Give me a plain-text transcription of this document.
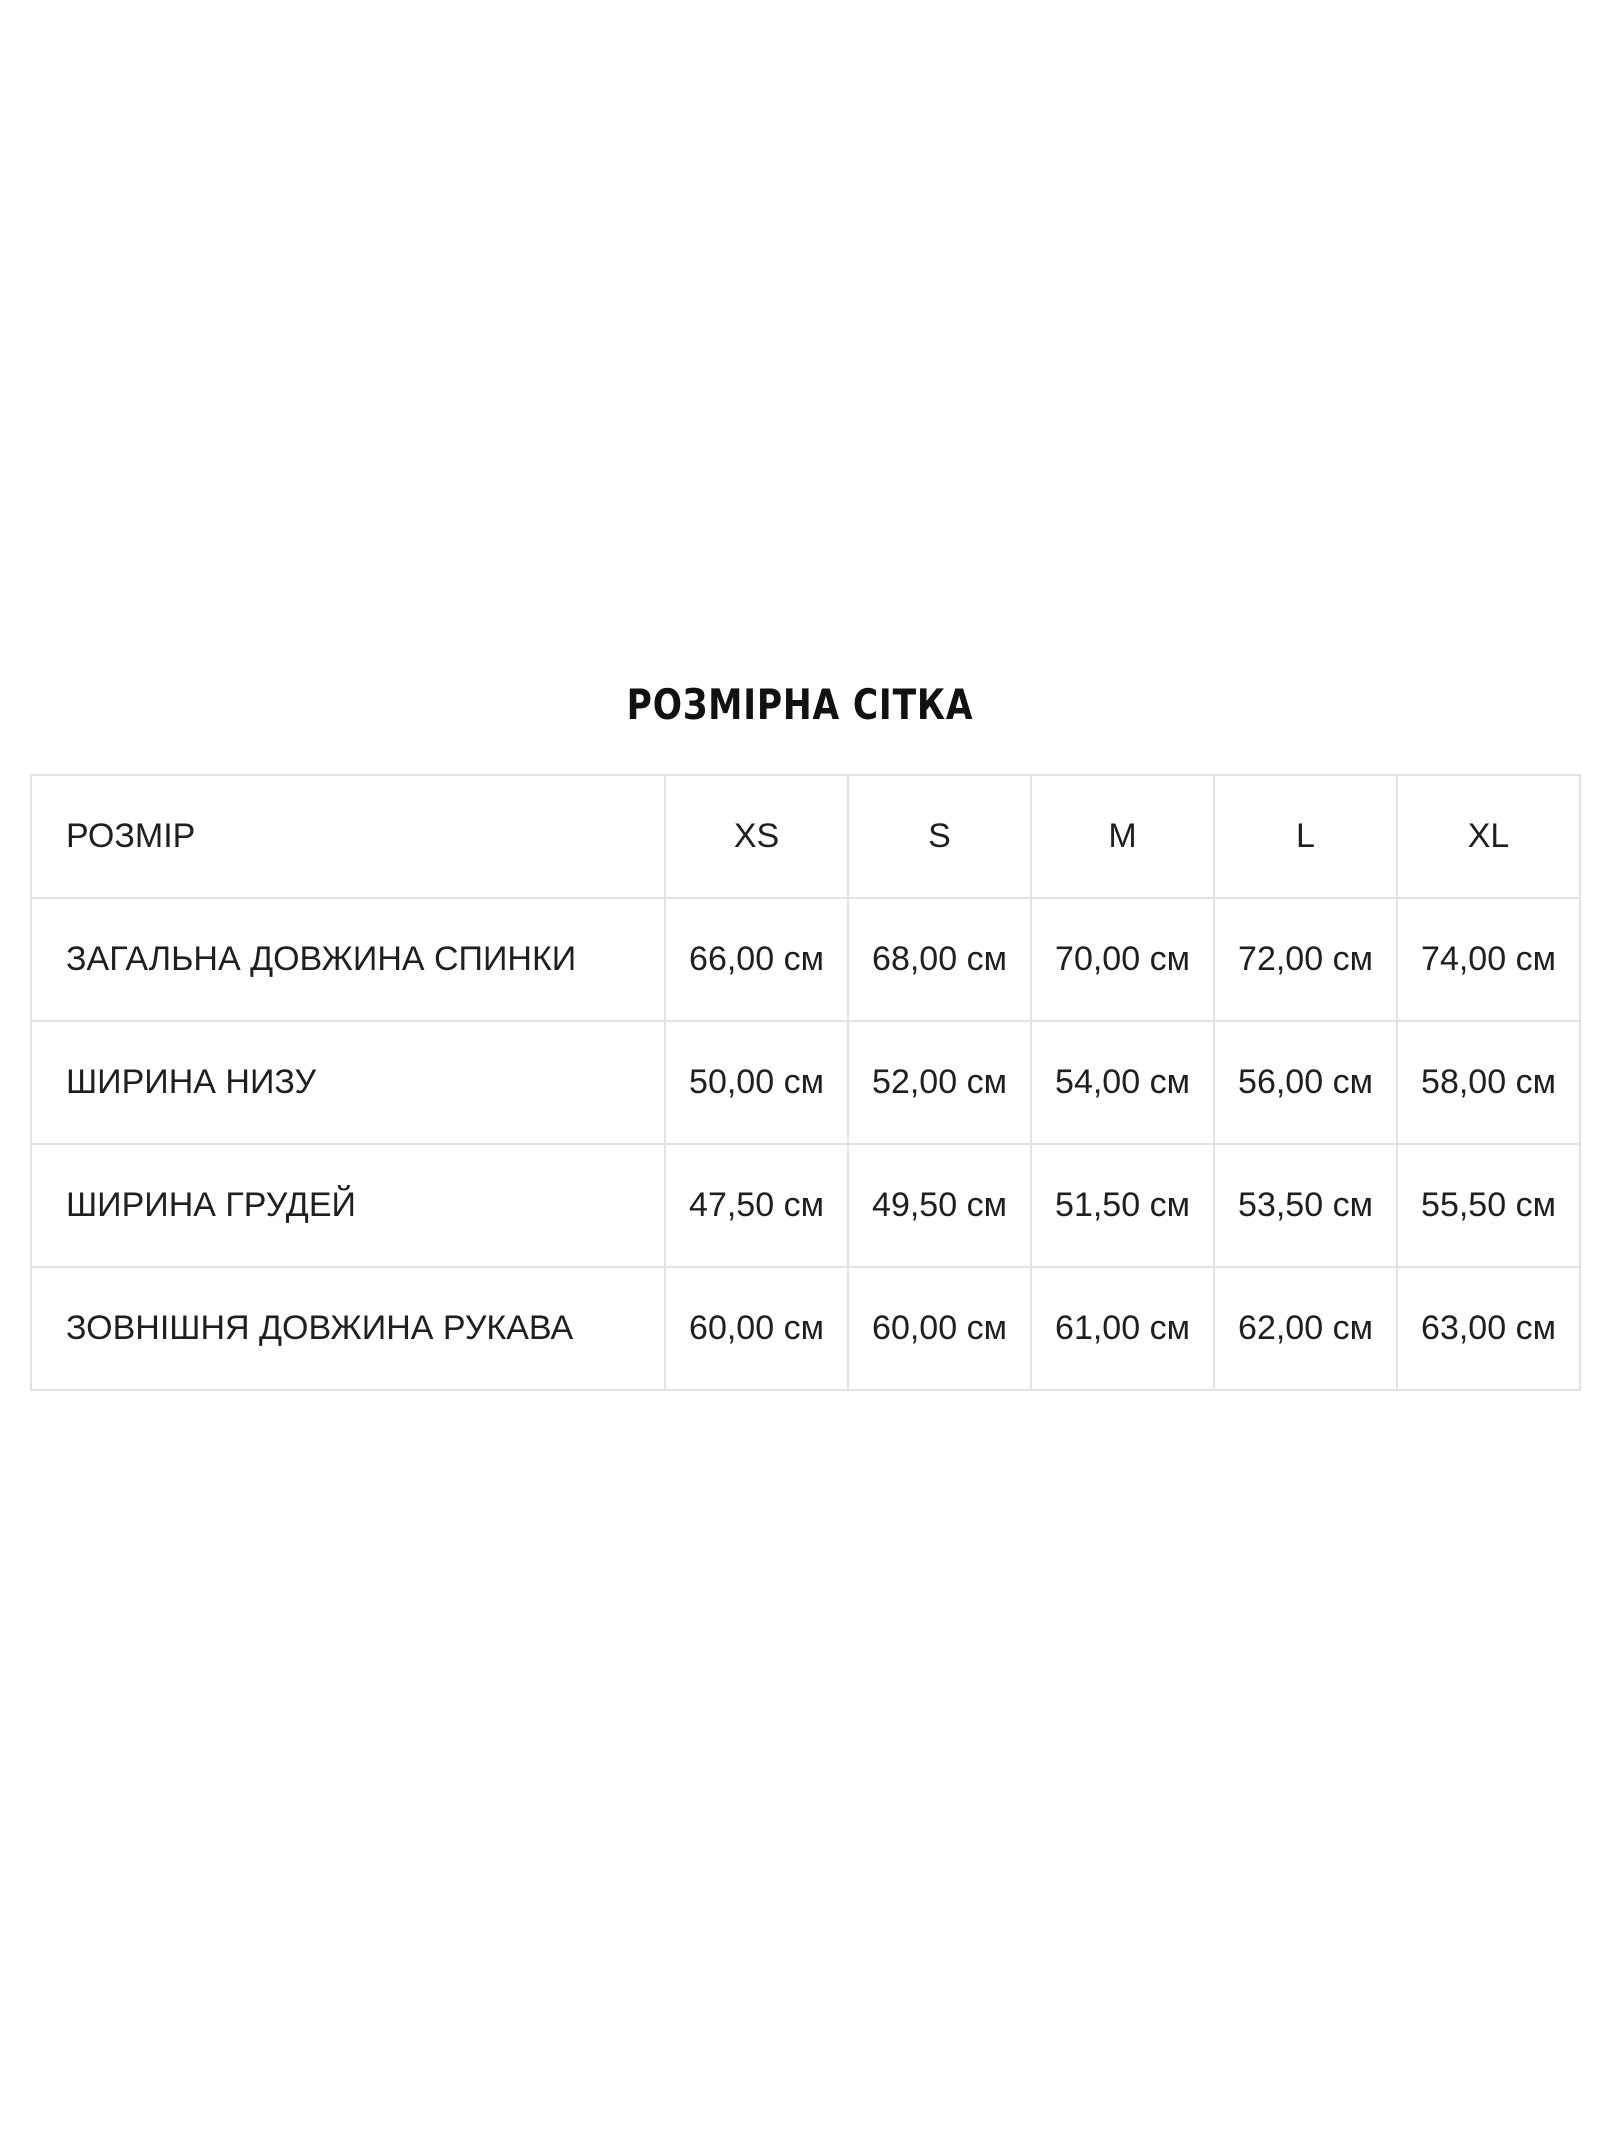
РОЗМІРНА СІТКА
РОЗМІР	XS	S	M	L	XL
ЗАГАЛЬНА ДОВЖИНА СПИНКИ	66,00 см	68,00 см	70,00 см	72,00 см	74,00 см
ШИРИНА НИЗУ	50,00 см	52,00 см	54,00 см	56,00 см	58,00 см
ШИРИНА ГРУДЕЙ	47,50 см	49,50 см	51,50 см	53,50 см	55,50 см
ЗОВНІШНЯ ДОВЖИНА РУКАВА	60,00 см	60,00 см	61,00 см	62,00 см	63,00 см
